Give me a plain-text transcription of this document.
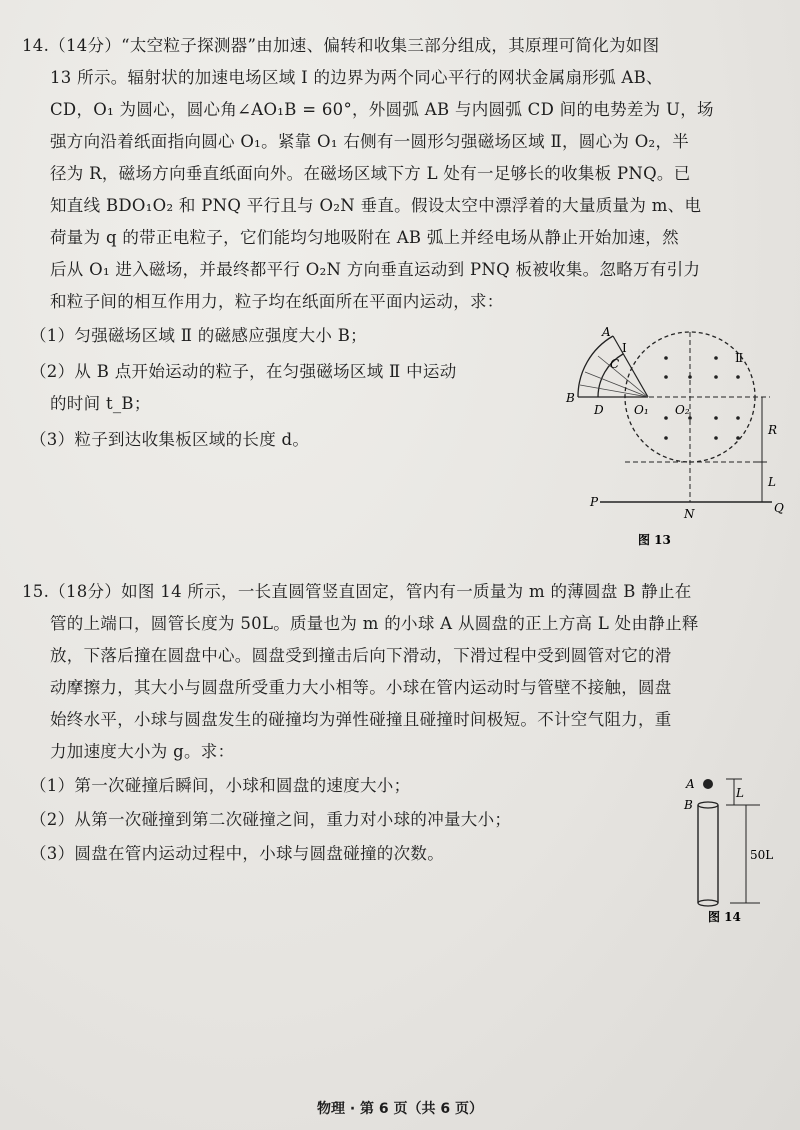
14.（14分）“太空粒子探测器”由加速、偏转和收集三部分组成，其原理可简化为如图
13 所示。辐射状的加速电场区域 Ⅰ 的边界为两个同心平行的网状金属扇形弧 AB、
CD，O₁ 为圆心，圆心角∠AO₁B = 60°，外圆弧 AB 与内圆弧 CD 间的电势差为 U，场
强方向沿着纸面指向圆心 O₁。紧靠 O₁ 右侧有一圆形匀强磁场区域 Ⅱ，圆心为 O₂，半
径为 R，磁场方向垂直纸面向外。在磁场区域下方 L 处有一足够长的收集板 PNQ。已
知直线 BDO₁O₂ 和 PNQ 平行且与 O₂N 垂直。假设太空中漂浮着的大量质量为 m、电
荷量为 q 的带正电粒子，它们能均匀地吸附在 AB 弧上并经电场从静止开始加速，然
后从 O₁ 进入磁场，并最终都平行 O₂N 方向垂直运动到 PNQ 板被收集。忽略万有引力
和粒子间的相互作用力，粒子均在纸面所在平面内运动，求：
（1）匀强磁场区域 Ⅱ 的磁感应强度大小 B；
（2）从 B 点开始运动的粒子，在匀强磁场区域 Ⅱ 中运动
的时间 t_B；
（3）粒子到达收集板区域的长度 d。
A
Ⅰ
C
B
D	O₁ O₂
Ⅱ
R
L
P
N	Q
图 13
15.（18分）如图 14 所示，一长直圆管竖直固定，管内有一质量为 m 的薄圆盘 B 静止在
管的上端口，圆管长度为 50L。质量也为 m 的小球 A 从圆盘的正上方高 L 处由静止释
放，下落后撞在圆盘中心。圆盘受到撞击后向下滑动，下滑过程中受到圆管对它的滑
动摩擦力，其大小与圆盘所受重力大小相等。小球在管内运动时与管壁不接触，圆盘
始终水平，小球与圆盘发生的碰撞均为弹性碰撞且碰撞时间极短。不计空气阻力，重
力加速度大小为 g。求：
（1）第一次碰撞后瞬间，小球和圆盘的速度大小；
（2）从第一次碰撞到第二次碰撞之间，重力对小球的冲量大小；
（3）圆盘在管内运动过程中，小球与圆盘碰撞的次数。
A
L
B
50L
图 14
物理 · 第 6 页（共 6 页）
